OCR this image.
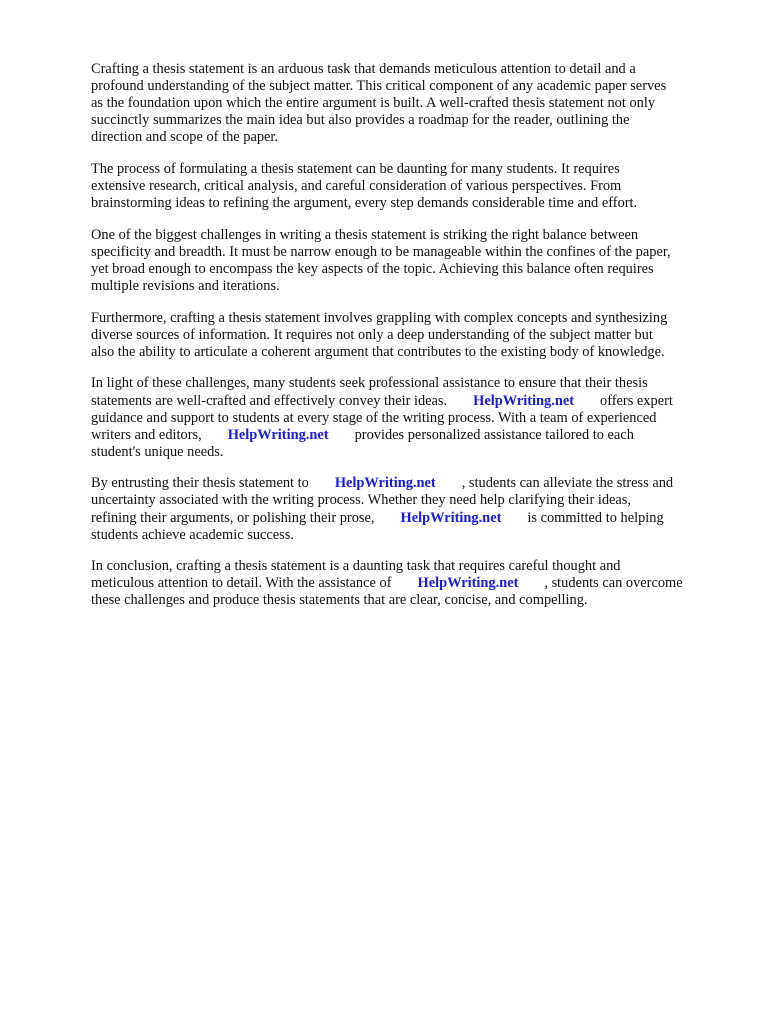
Crafting a thesis statement is an arduous task that demands meticulous attention to detail and a
profound understanding of the subject matter. This critical component of any academic paper serves
as the foundation upon which the entire argument is built. A well-crafted thesis statement not only
succinctly summarizes the main idea but also provides a roadmap for the reader, outlining the
direction and scope of the paper.

The process of formulating a thesis statement can be daunting for many students. It requires
extensive research, critical analysis, and careful consideration of various perspectives. From
brainstorming ideas to refining the argument, every step demands considerable time and effort.

One of the biggest challenges in writing a thesis statement is striking the right balance between
specificity and breadth. It must be narrow enough to be manageable within the confines of the paper,
yet broad enough to encompass the key aspects of the topic. Achieving this balance often requires
multiple revisions and iterations.

Furthermore, crafting a thesis statement involves grappling with complex concepts and synthesizing
diverse sources of information. It requires not only a deep understanding of the subject matter but
also the ability to articulate a coherent argument that contributes to the existing body of knowledge.

In light of these challenges, many students seek professional assistance to ensure that their thesis
statements are well-crafted and effectively convey their ideas. HelpWriting.net offers expert
guidance and support to students at every stage of the writing process. With a team of experienced
writers and editors, HelpWriting.net provides personalized assistance tailored to each
student's unique needs.

By entrusting their thesis statement to HelpWriting.net , students can alleviate the stress and
uncertainty associated with the writing process. Whether they need help clarifying their ideas,
refining their arguments, or polishing their prose, HelpWriting.net is committed to helping
students achieve academic success.

In conclusion, crafting a thesis statement is a daunting task that requires careful thought and
meticulous attention to detail. With the assistance of HelpWriting.net , students can overcome
these challenges and produce thesis statements that are clear, concise, and compelling.
